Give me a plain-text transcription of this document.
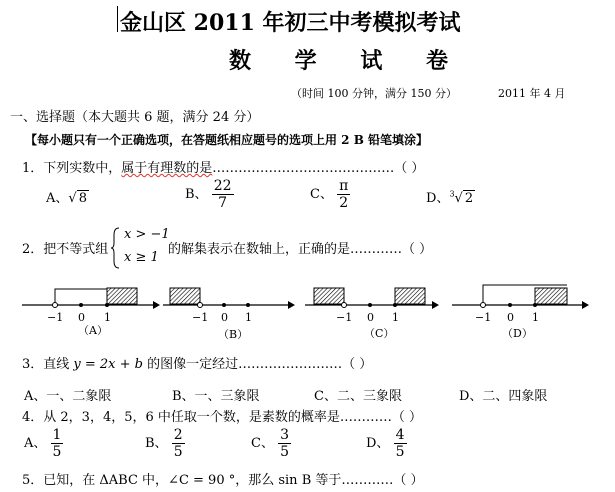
金山区 2011 年初三中考模拟考试
数 学 试 卷
（时间 100 分钟，满分 150 分）	2011 年 4 月
一、选择题（本大题共 6 题，满分 24 分）
【每小题只有一个正确选项，在答题纸相应题号的选项上用 2 B 铅笔填涂】
1．下列实数中，属于有理数的是……………………………………（ ）
A、√ 8	B、 $\frac{22}{7}$	C、 $\frac{\pi}{2}$	D、$^3$√ 2
2．把不等式组
x > −1
x ≥ 1
的解集表示在数轴上，正确的是…………（ ）
−1 0 1	−1 0 1	−1 0 1	−1 0 1
（A）	（B）	（C）	（D）
3．直线 y = 2x + b 的图像一定经过……………………（ ）
A、一、二象限	B、一、三象限	C、二、三象限	D、二、四象限
4．从 2，3，4，5，6 中任取一个数，是素数的概率是…………（ ）
A、 $\frac{1}{5}$	B、 $\frac{2}{5}$	C、 $\frac{3}{5}$	D、 $\frac{4}{5}$
5．已知，在 ΔABC 中，∠C = 90 °，那么 sin B 等于…………（ ）
